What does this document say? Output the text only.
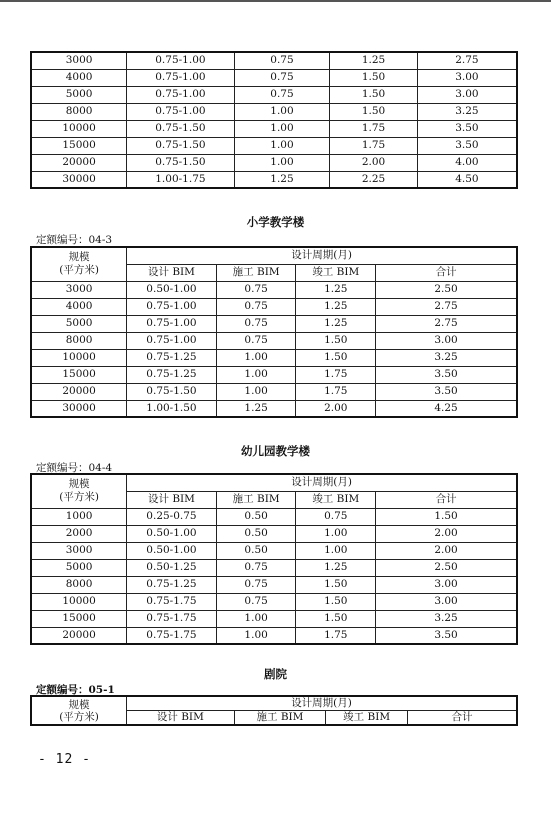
3000	0.75-1.00	0.75	1.25	2.75
4000	0.75-1.00	0.75	1.50	3.00
5000	0.75-1.00	0.75	1.50	3.00
8000	0.75-1.00	1.00	1.50	3.25
10000	0.75-1.50	1.00	1.75	3.50
15000	0.75-1.50	1.00	1.75	3.50
20000	0.75-1.50	1.00	2.00	4.00
30000	1.00-1.75	1.25	2.25	4.50
小学教学楼
定额编号：04-3
规模
(平方米)	设计周期(月)			
	设计 BIM	施工 BIM	竣工 BIM	合计
3000	0.50-1.00	0.75	1.25	2.50
4000	0.75-1.00	0.75	1.25	2.75
5000	0.75-1.00	0.75	1.25	2.75
8000	0.75-1.00	0.75	1.50	3.00
10000	0.75-1.25	1.00	1.50	3.25
15000	0.75-1.25	1.00	1.75	3.50
20000	0.75-1.50	1.00	1.75	3.50
30000	1.00-1.50	1.25	2.00	4.25
幼儿园教学楼
定额编号：04-4
规模
(平方米)	设计周期(月)			
	设计 BIM	施工 BIM	竣工 BIM	合计
1000	0.25-0.75	0.50	0.75	1.50
2000	0.50-1.00	0.50	1.00	2.00
3000	0.50-1.00	0.50	1.00	2.00
5000	0.50-1.25	0.75	1.25	2.50
8000	0.75-1.25	0.75	1.50	3.00
10000	0.75-1.75	0.75	1.50	3.00
15000	0.75-1.75	1.00	1.50	3.25
20000	0.75-1.75	1.00	1.75	3.50
剧院
定额编号：05-1
规模
(平方米)	设计周期(月)			
	设计 BIM	施工 BIM	竣工 BIM	合计
- 12 -
